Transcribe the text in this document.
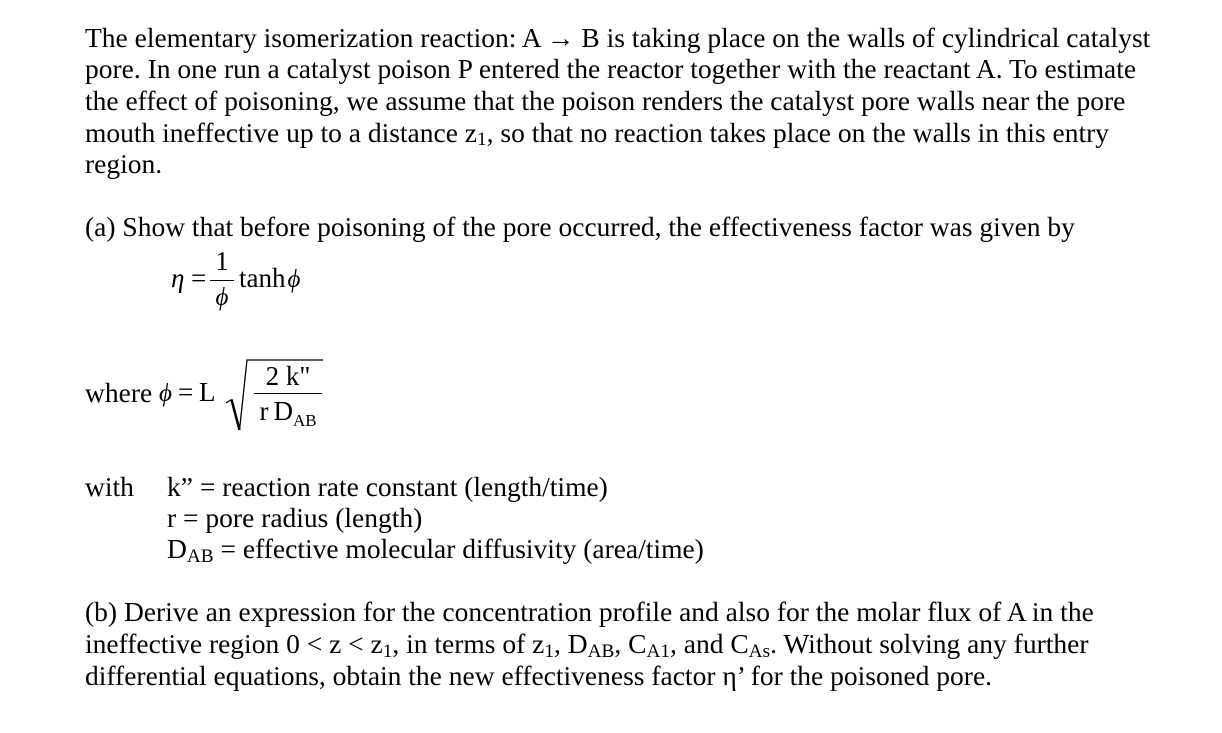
The elementary isomerization reaction: A → B is taking place on the walls of cylindrical catalyst
pore. In one run a catalyst poison P entered the reactor together with the reactant A. To estimate
the effect of poisoning, we assume that the poison renders the catalyst pore walls near the pore
mouth ineffective up to a distance z1, so that no reaction takes place on the walls in this entry
region.
(a) Show that before poisoning of the pore occurred, the effectiveness factor was given by
η =
1
ϕ
tanhϕ
where ϕ = L
2 k"
r $D_{AB}$
with k” = reaction rate constant (length/time)
r = pore radius (length)
DAB = effective molecular diffusivity (area/time)
(b) Derive an expression for the concentration profile and also for the molar flux of A in the
ineffective region 0 < z < z1, in terms of z1, DAB, CA1, and CAs. Without solving any further
differential equations, obtain the new effectiveness factor η’ for the poisoned pore.
